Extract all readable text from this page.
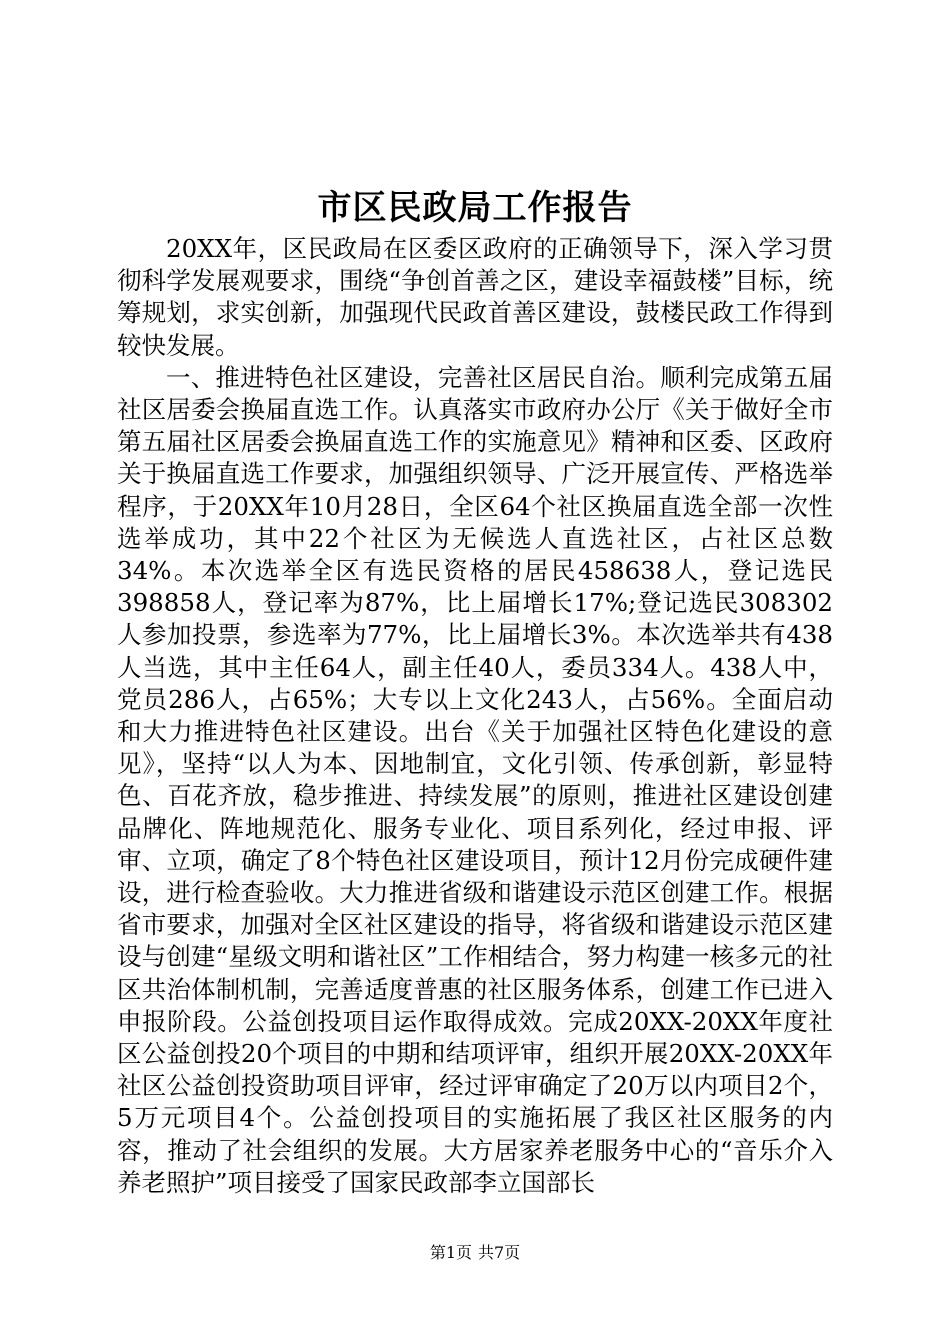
市区民政局工作报告

20XX年，区民政局在区委区政府的正确领导下，深入学习贯彻科学发展观要求，围绕“争创首善之区，建设幸福鼓楼”目标，统筹规划，求实创新，加强现代民政首善区建设，鼓楼民政工作得到较快发展。

一、推进特色社区建设，完善社区居民自治。顺利完成第五届社区居委会换届直选工作。认真落实市政府办公厅《关于做好全市第五届社区居委会换届直选工作的实施意见》精神和区委、区政府关于换届直选工作要求，加强组织领导、广泛开展宣传、严格选举程序，于20XX年10月28日，全区64个社区换届直选全部一次性选举成功，其中22个社区为无候选人直选社区，占社区总数34%。本次选举全区有选民资格的居民458638人，登记选民398858人，登记率为87%，比上届增长17%;登记选民308302人参加投票，参选率为77%，比上届增长3%。本次选举共有438人当选，其中主任64人，副主任40人，委员334人。438人中，党员286人，占65%；大专以上文化243人，占56%。全面启动和大力推进特色社区建设。出台《关于加强社区特色化建设的意见》，坚持“以人为本、因地制宜，文化引领、传承创新，彰显特色、百花齐放，稳步推进、持续发展”的原则，推进社区建设创建品牌化、阵地规范化、服务专业化、项目系列化，经过申报、评审、立项，确定了8个特色社区建设项目，预计12月份完成硬件建设，进行检查验收。大力推进省级和谐建设示范区创建工作。根据省市要求，加强对全区社区建设的指导，将省级和谐建设示范区建设与创建“星级文明和谐社区”工作相结合，努力构建一核多元的社区共治体制机制，完善适度普惠的社区服务体系，创建工作已进入申报阶段。公益创投项目运作取得成效。完成20XX-20XX年度社区公益创投20个项目的中期和结项评审，组织开展20XX-20XX年社区公益创投资助项目评审，经过评审确定了20万以内项目2个，5万元项目4个。公益创投项目的实施拓展了我区社区服务的内容，推动了社会组织的发展。大方居家养老服务中心的“音乐介入养老照护”项目接受了国家民政部李立国部长

第1页 共7页
